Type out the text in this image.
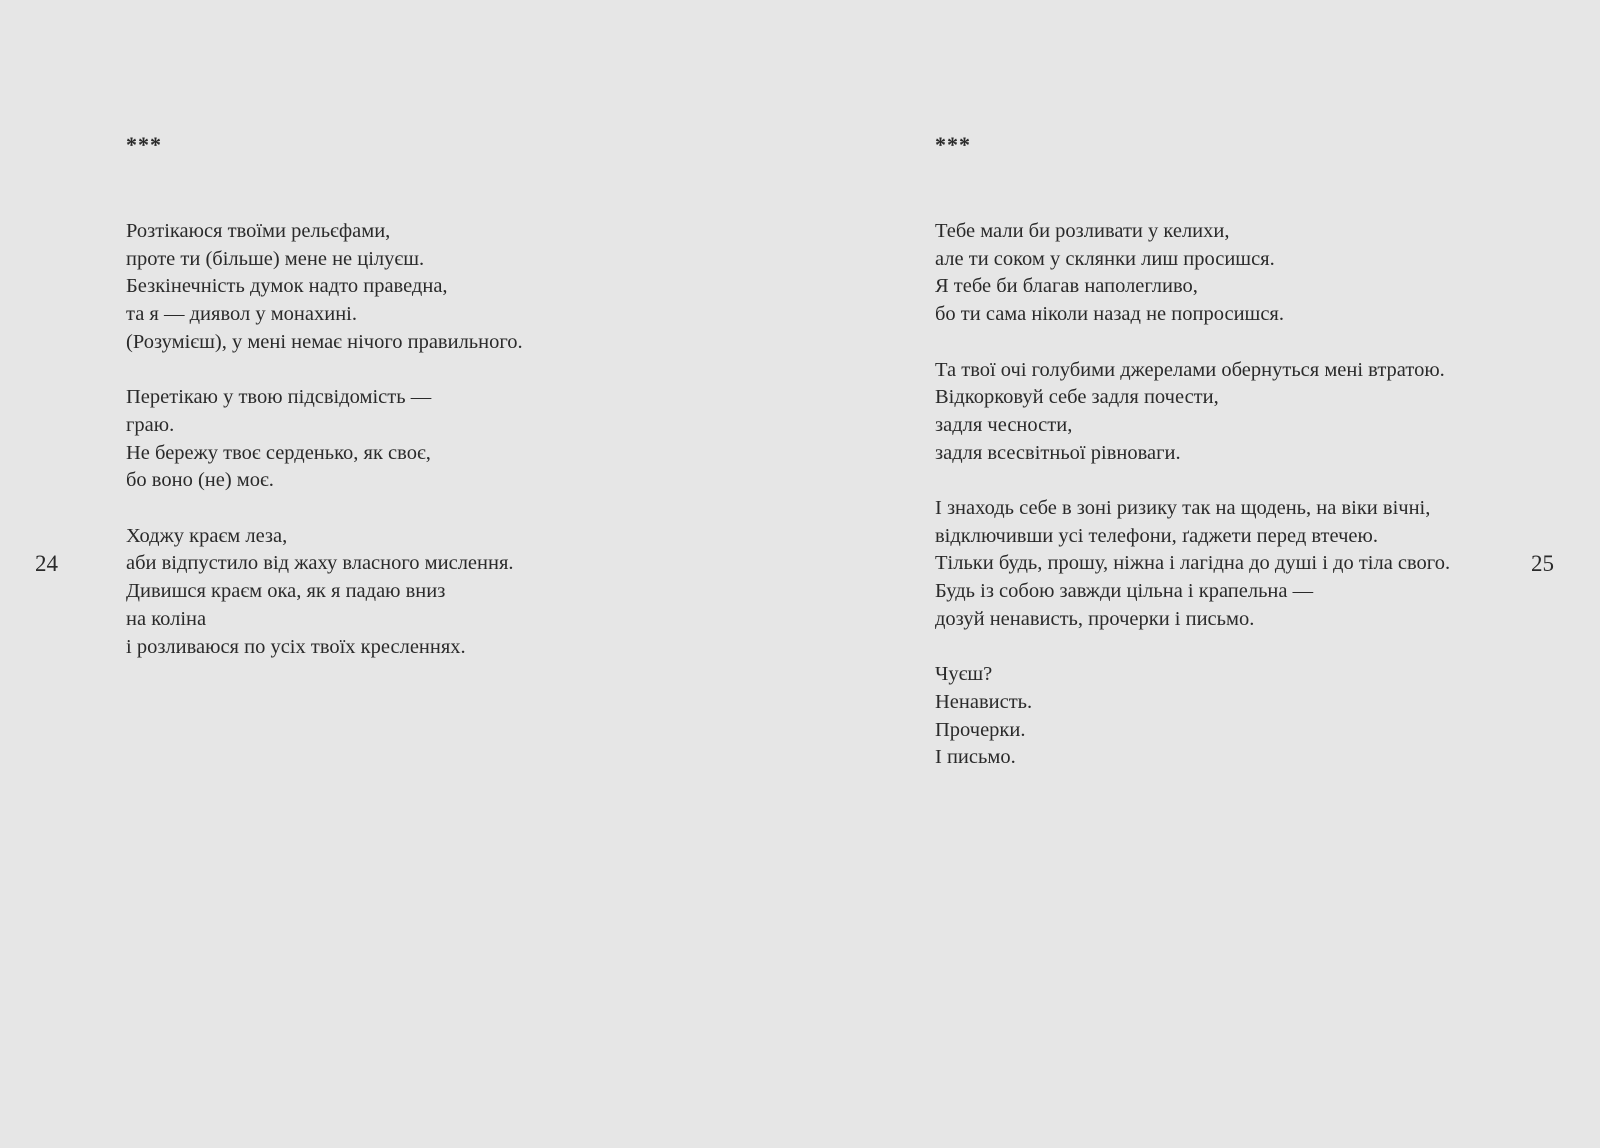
***

Розтікаюся твоїми рельєфами,
проте ти (більше) мене не цілуєш.
Безкінечність думок надто праведна,
та я — диявол у монахині.
(Розумієш), у мені немає нічого правильного.

Перетікаю у твою підсвідомість —
граю.
Не бережу твоє серденько, як своє,
бо воно (не) моє.

Ходжу краєм леза,
аби відпустило від жаху власного мислення.
Дивишся краєм ока, як я падаю вниз
на коліна
і розливаюся по усіх твоїх кресленнях.

24
***

Тебе мали би розливати у келихи,
але ти соком у склянки лиш просишся.
Я тебе би благав наполегливо,
бо ти сама ніколи назад не попросишся.

Та твої очі голубими джерелами обернуться мені втратою.
Відкорковуй себе задля почести,
задля чесности,
задля всесвітньої рівноваги.

І знаходь себе в зоні ризику так на щодень, на віки вічні,
відключивши усі телефони, ґаджети перед втечею.
Тільки будь, прошу, ніжна і лагідна до душі і до тіла свого.
Будь із собою завжди цільна і крапельна —
дозуй ненависть, прочерки і письмо.

Чуєш?
Ненависть.
Прочерки.
І письмо.

25
